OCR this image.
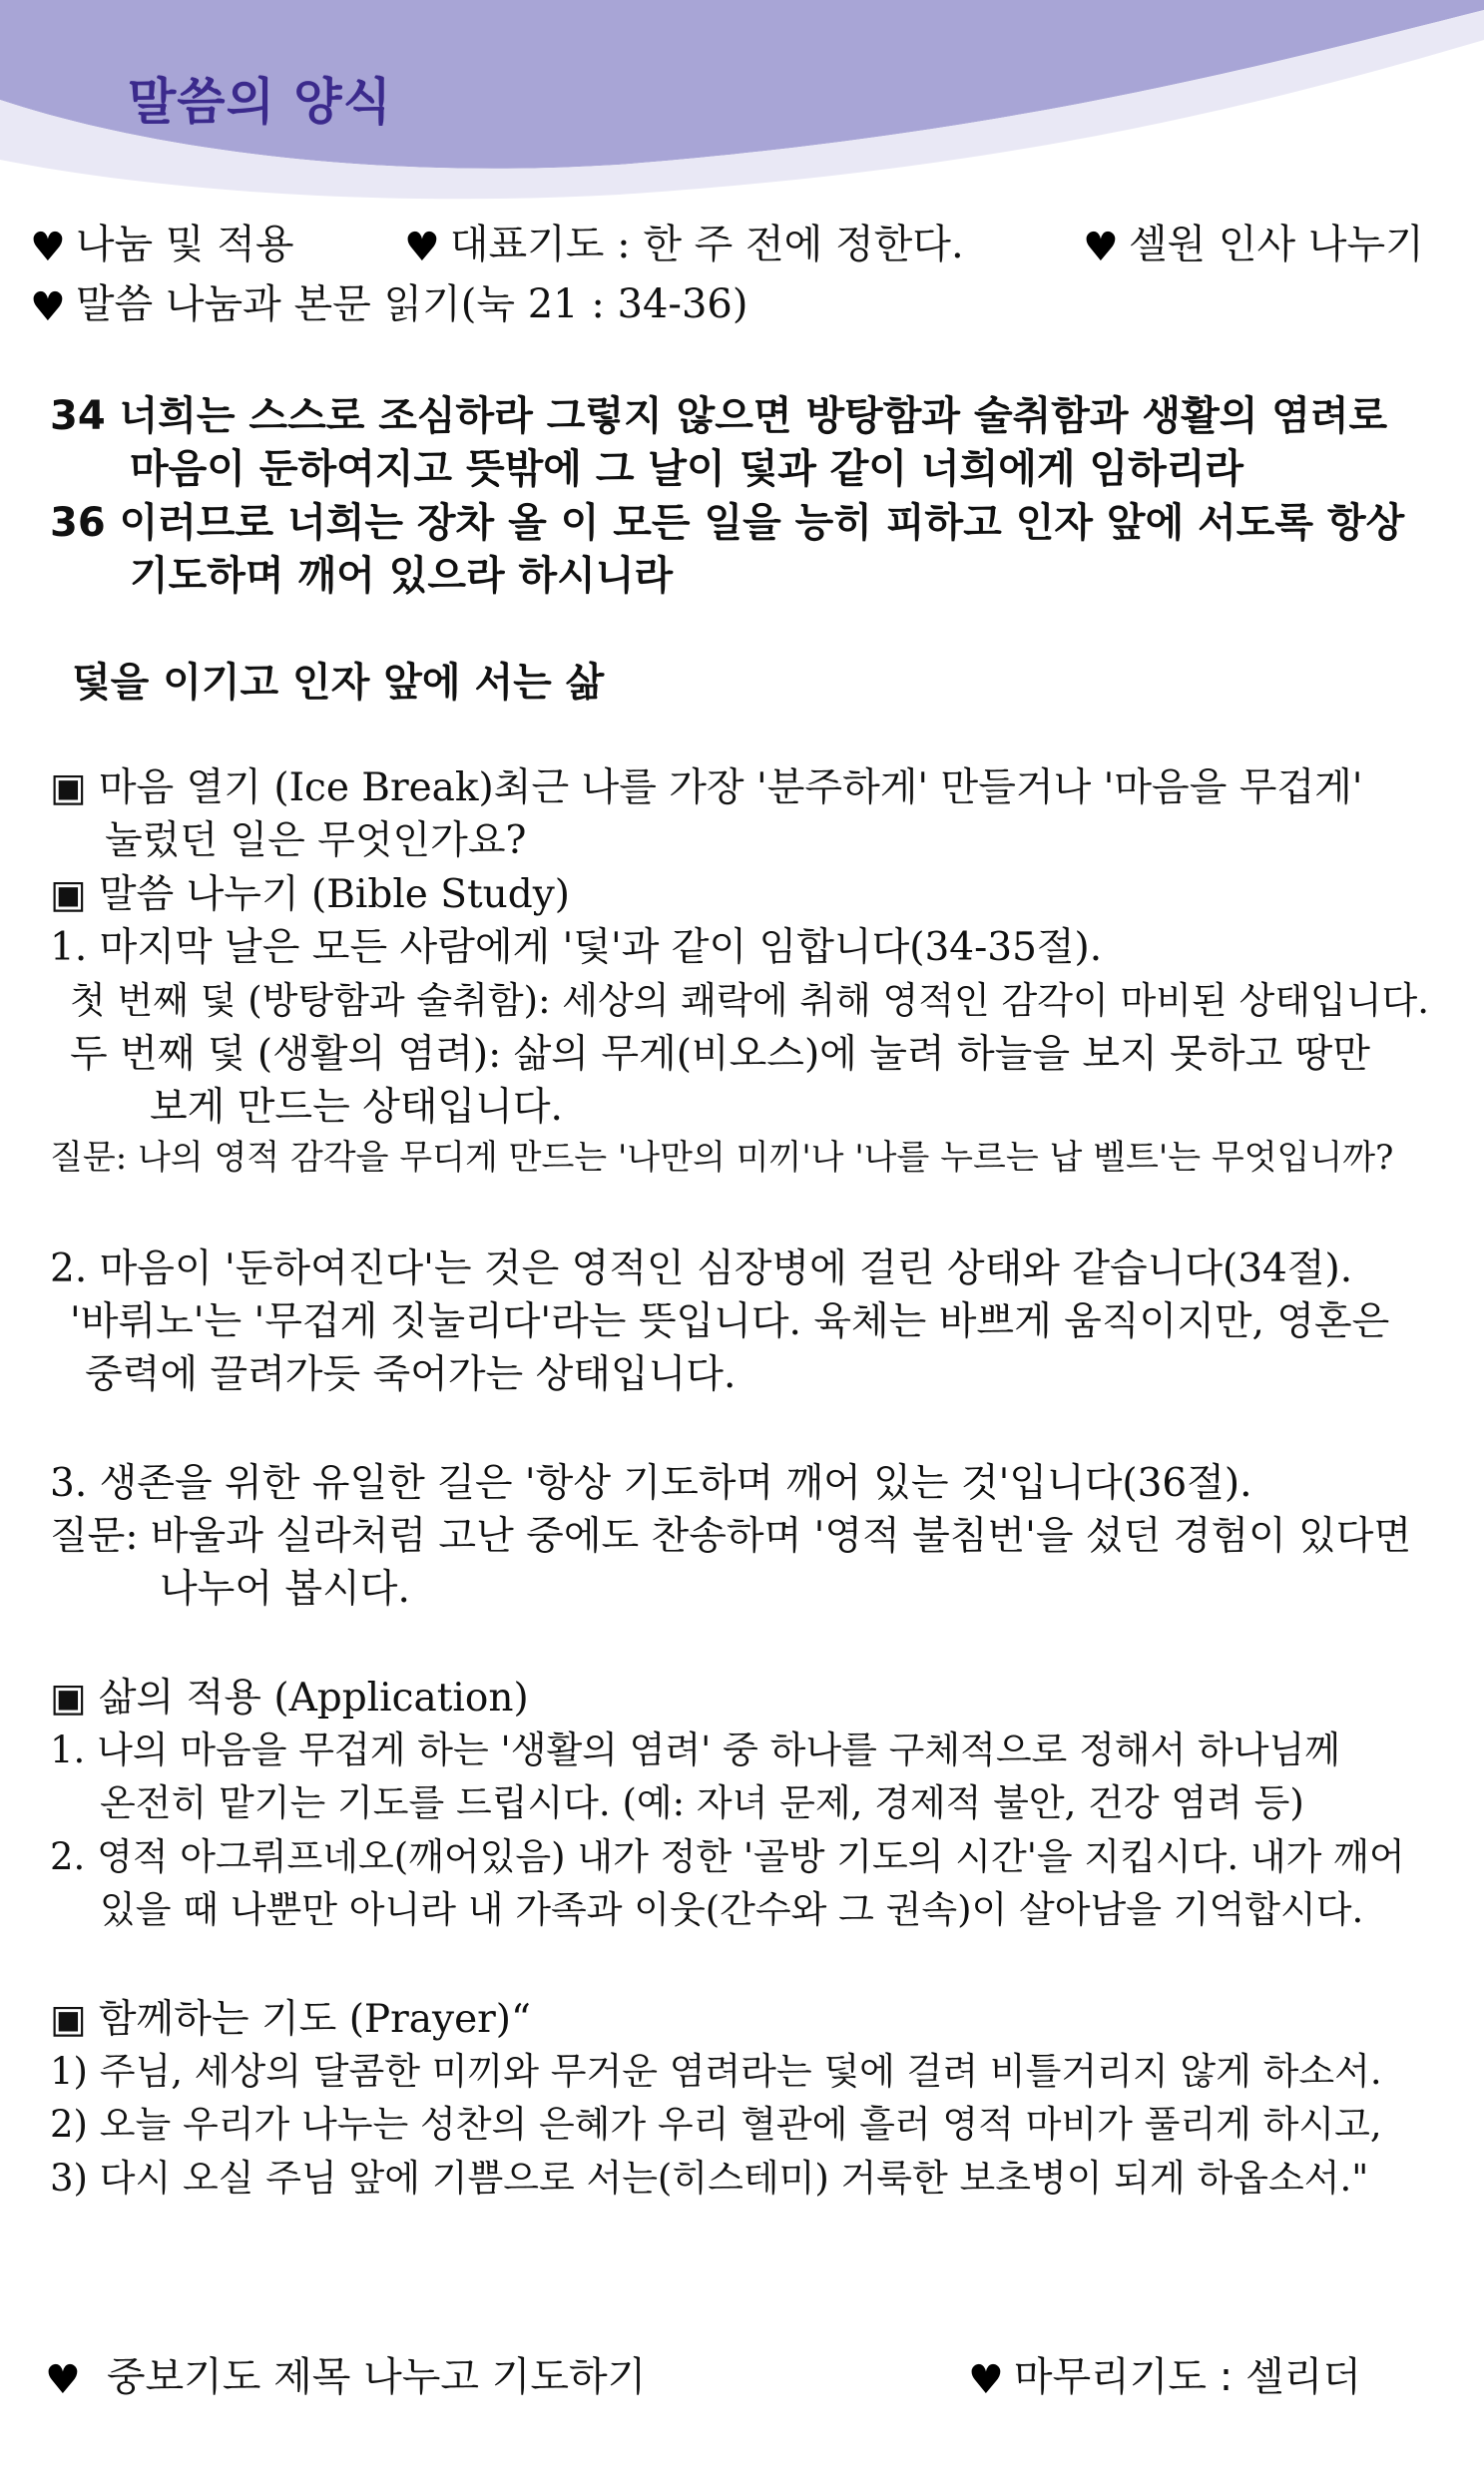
말씀의 양식
♥ 나눔 및 적용	♥ 대표기도 : 한 주 전에 정한다.	♥ 셀원 인사 나누기
♥ 말씀 나눔과 본문 읽기(눅 21 : 34-36)
34 너희는 스스로 조심하라 그렇지 않으면 방탕함과 술취함과 생활의 염려로
마음이 둔하여지고 뜻밖에 그 날이 덫과 같이 너희에게 임하리라
36 이러므로 너희는 장차 올 이 모든 일을 능히 피하고 인자 앞에 서도록 항상
기도하며 깨어 있으라 하시니라
덫을 이기고 인자 앞에 서는 삶
▣ 마음 열기 (Ice Break)최근 나를 가장 '분주하게' 만들거나 '마음을 무겁게'
눌렀던 일은 무엇인가요?
▣ 말씀 나누기 (Bible Study)
1. 마지막 날은 모든 사람에게 '덫'과 같이 임합니다(34-35절).
첫 번째 덫 (방탕함과 술취함): 세상의 쾌락에 취해 영적인 감각이 마비된 상태입니다.
두 번째 덫 (생활의 염려): 삶의 무게(비오스)에 눌려 하늘을 보지 못하고 땅만
보게 만드는 상태입니다.
질문: 나의 영적 감각을 무디게 만드는 '나만의 미끼'나 '나를 누르는 납 벨트'는 무엇입니까?
2. 마음이 '둔하여진다'는 것은 영적인 심장병에 걸린 상태와 같습니다(34절).
'바뤼노'는 '무겁게 짓눌리다'라는 뜻입니다. 육체는 바쁘게 움직이지만, 영혼은
중력에 끌려가듯 죽어가는 상태입니다.
3. 생존을 위한 유일한 길은 '항상 기도하며 깨어 있는 것'입니다(36절).
질문: 바울과 실라처럼 고난 중에도 찬송하며 '영적 불침번'을 섰던 경험이 있다면
나누어 봅시다.
▣ 삶의 적용 (Application)
1. 나의 마음을 무겁게 하는 '생활의 염려' 중 하나를 구체적으로 정해서 하나님께
온전히 맡기는 기도를 드립시다. (예: 자녀 문제, 경제적 불안, 건강 염려 등)
2. 영적 아그뤼프네오(깨어있음) 내가 정한 '골방 기도의 시간'을 지킵시다. 내가 깨어
있을 때 나뿐만 아니라 내 가족과 이웃(간수와 그 권속)이 살아남을 기억합시다.
▣ 함께하는 기도 (Prayer)“
1) 주님, 세상의 달콤한 미끼와 무거운 염려라는 덫에 걸려 비틀거리지 않게 하소서.
2) 오늘 우리가 나누는 성찬의 은혜가 우리 혈관에 흘러 영적 마비가 풀리게 하시고,
3) 다시 오실 주님 앞에 기쁨으로 서는(히스테미) 거룩한 보초병이 되게 하옵소서."
♥ 중보기도 제목 나누고 기도하기	♥ 마무리기도 : 셀리더
